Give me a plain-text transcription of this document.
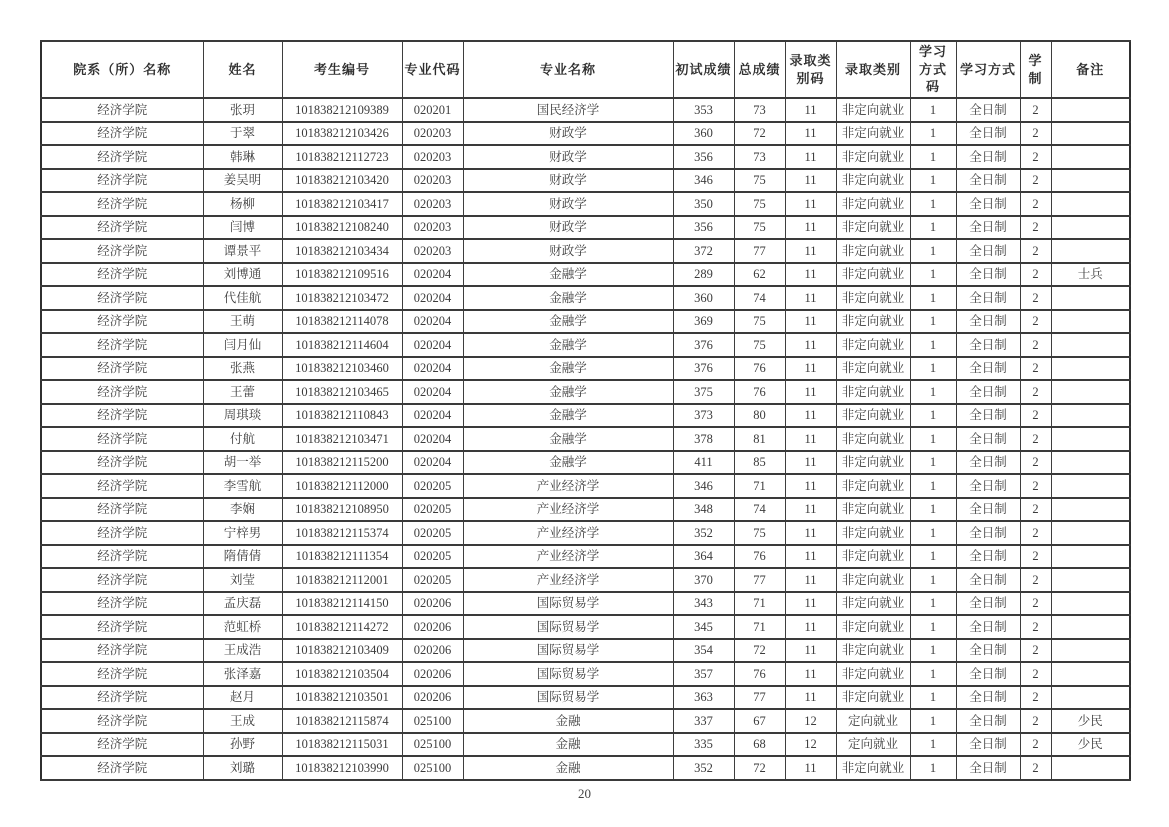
院系（所）名称	姓名	考生编号	专业代码	专业名称	初试成绩	总成绩	录取类别码	录取类别	学习方式码	学习方式	学制	备注
经济学院	张玥	101838212109389	020201	国民经济学	353	73	11	非定向就业	1	全日制	2	
经济学院	于翠	101838212103426	020203	财政学	360	72	11	非定向就业	1	全日制	2	
经济学院	韩琳	101838212112723	020203	财政学	356	73	11	非定向就业	1	全日制	2	
经济学院	姜吴明	101838212103420	020203	财政学	346	75	11	非定向就业	1	全日制	2	
经济学院	杨柳	101838212103417	020203	财政学	350	75	11	非定向就业	1	全日制	2	
经济学院	闫博	101838212108240	020203	财政学	356	75	11	非定向就业	1	全日制	2	
经济学院	谭景平	101838212103434	020203	财政学	372	77	11	非定向就业	1	全日制	2	
经济学院	刘博通	101838212109516	020204	金融学	289	62	11	非定向就业	1	全日制	2	士兵
经济学院	代佳航	101838212103472	020204	金融学	360	74	11	非定向就业	1	全日制	2	
经济学院	王萌	101838212114078	020204	金融学	369	75	11	非定向就业	1	全日制	2	
经济学院	闫月仙	101838212114604	020204	金融学	376	75	11	非定向就业	1	全日制	2	
经济学院	张燕	101838212103460	020204	金融学	376	76	11	非定向就业	1	全日制	2	
经济学院	王蕾	101838212103465	020204	金融学	375	76	11	非定向就业	1	全日制	2	
经济学院	周琪琰	101838212110843	020204	金融学	373	80	11	非定向就业	1	全日制	2	
经济学院	付航	101838212103471	020204	金融学	378	81	11	非定向就业	1	全日制	2	
经济学院	胡一举	101838212115200	020204	金融学	411	85	11	非定向就业	1	全日制	2	
经济学院	李雪航	101838212112000	020205	产业经济学	346	71	11	非定向就业	1	全日制	2	
经济学院	李娴	101838212108950	020205	产业经济学	348	74	11	非定向就业	1	全日制	2	
经济学院	宁梓男	101838212115374	020205	产业经济学	352	75	11	非定向就业	1	全日制	2	
经济学院	隋倩倩	101838212111354	020205	产业经济学	364	76	11	非定向就业	1	全日制	2	
经济学院	刘莹	101838212112001	020205	产业经济学	370	77	11	非定向就业	1	全日制	2	
经济学院	孟庆磊	101838212114150	020206	国际贸易学	343	71	11	非定向就业	1	全日制	2	
经济学院	范虹桥	101838212114272	020206	国际贸易学	345	71	11	非定向就业	1	全日制	2	
经济学院	王成浩	101838212103409	020206	国际贸易学	354	72	11	非定向就业	1	全日制	2	
经济学院	张泽嘉	101838212103504	020206	国际贸易学	357	76	11	非定向就业	1	全日制	2	
经济学院	赵月	101838212103501	020206	国际贸易学	363	77	11	非定向就业	1	全日制	2	
经济学院	王成	101838212115874	025100	金融	337	67	12	定向就业	1	全日制	2	少民
经济学院	孙野	101838212115031	025100	金融	335	68	12	定向就业	1	全日制	2	少民
经济学院	刘璐	101838212103990	025100	金融	352	72	11	非定向就业	1	全日制	2	
20
